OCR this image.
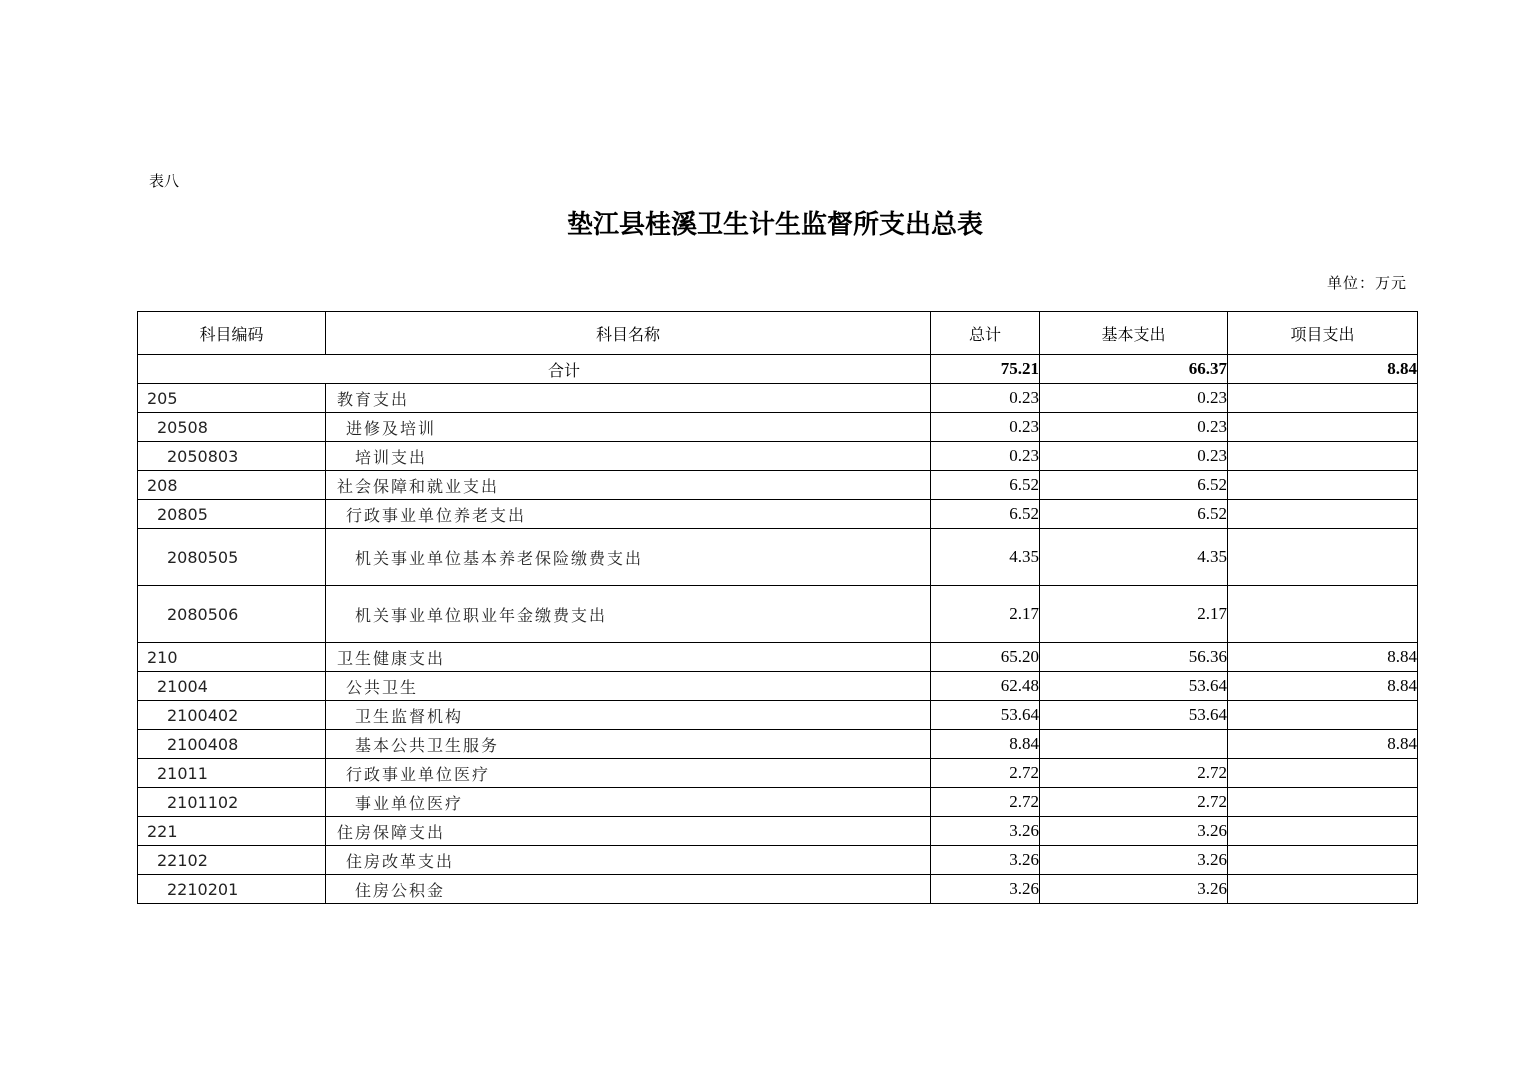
表八
垫江县桂溪卫生计生监督所支出总表
单位：万元
科目编码	科目名称	总计	基本支出	项目支出
合计		75.21	66.37	8.84
205	教育支出	0.23	0.23	
20508	进修及培训	0.23	0.23	
2050803	培训支出	0.23	0.23	
208	社会保障和就业支出	6.52	6.52	
20805	行政事业单位养老支出	6.52	6.52	
2080505	机关事业单位基本养老保险缴费支出	4.35	4.35	
2080506	机关事业单位职业年金缴费支出	2.17	2.17	
210	卫生健康支出	65.20	56.36	8.84
21004	公共卫生	62.48	53.64	8.84
2100402	卫生监督机构	53.64	53.64	
2100408	基本公共卫生服务	8.84		8.84
21011	行政事业单位医疗	2.72	2.72	
2101102	事业单位医疗	2.72	2.72	
221	住房保障支出	3.26	3.26	
22102	住房改革支出	3.26	3.26	
2210201	住房公积金	3.26	3.26	
